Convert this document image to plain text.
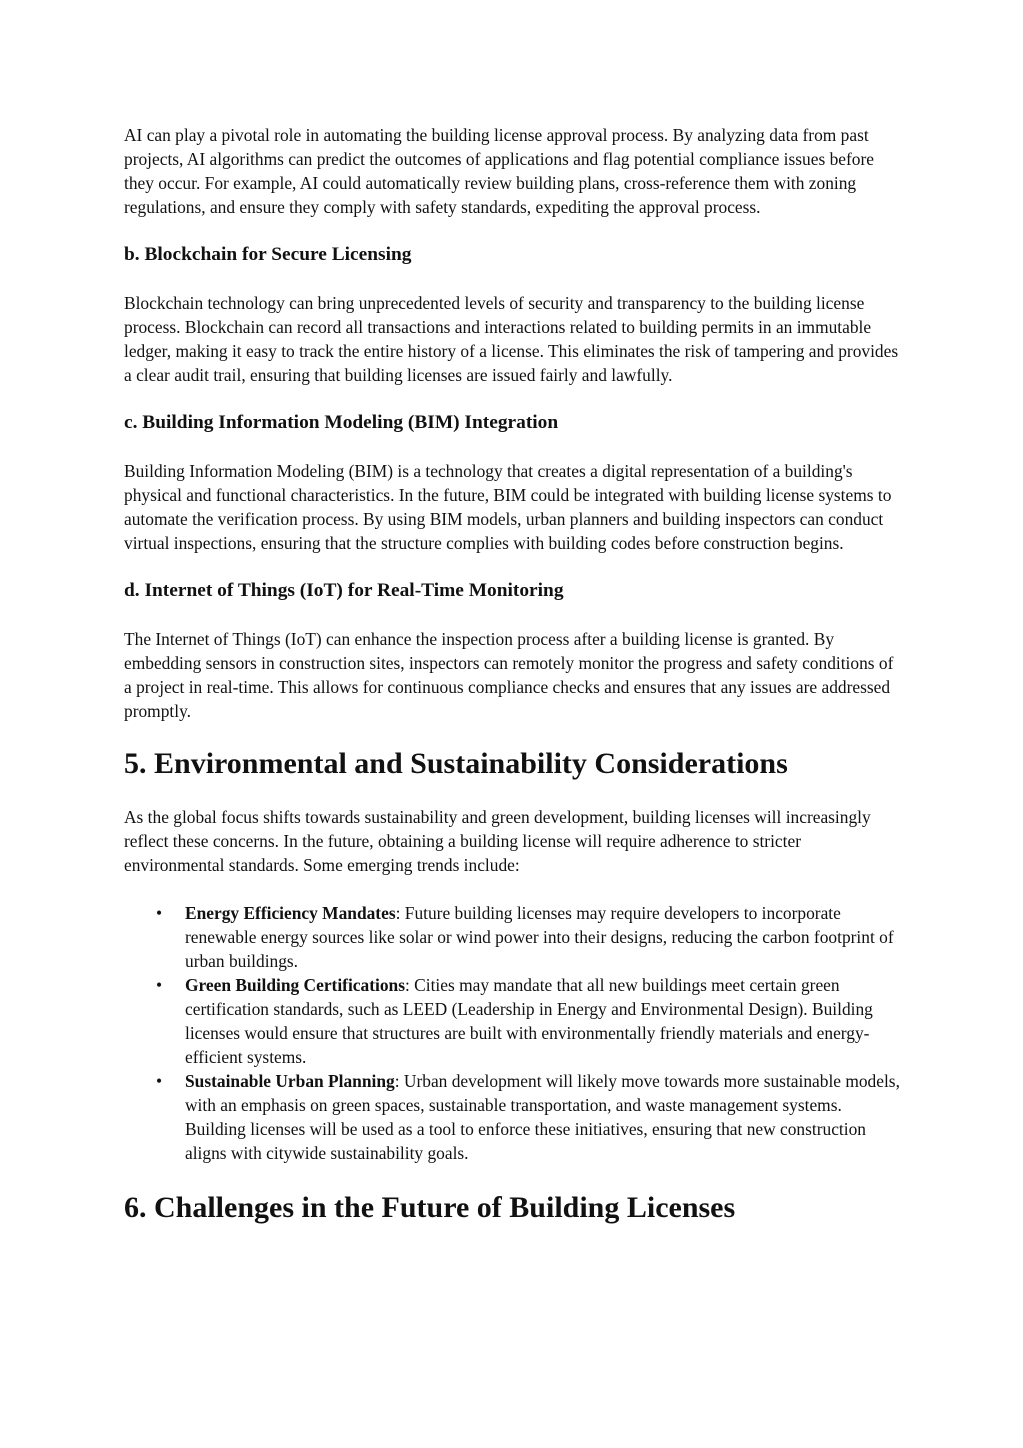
AI can play a pivotal role in automating the building license approval process. By analyzing data from past projects, AI algorithms can predict the outcomes of applications and flag potential compliance issues before they occur. For example, AI could automatically review building plans, cross-reference them with zoning regulations, and ensure they comply with safety standards, expediting the approval process.

b. Blockchain for Secure Licensing

Blockchain technology can bring unprecedented levels of security and transparency to the building license process. Blockchain can record all transactions and interactions related to building permits in an immutable ledger, making it easy to track the entire history of a license. This eliminates the risk of tampering and provides a clear audit trail, ensuring that building licenses are issued fairly and lawfully.

c. Building Information Modeling (BIM) Integration

Building Information Modeling (BIM) is a technology that creates a digital representation of a building's physical and functional characteristics. In the future, BIM could be integrated with building license systems to automate the verification process. By using BIM models, urban planners and building inspectors can conduct virtual inspections, ensuring that the structure complies with building codes before construction begins.

d. Internet of Things (IoT) for Real-Time Monitoring

The Internet of Things (IoT) can enhance the inspection process after a building license is granted. By embedding sensors in construction sites, inspectors can remotely monitor the progress and safety conditions of a project in real-time. This allows for continuous compliance checks and ensures that any issues are addressed promptly.

5. Environmental and Sustainability Considerations

As the global focus shifts towards sustainability and green development, building licenses will increasingly reflect these concerns. In the future, obtaining a building license will require adherence to stricter environmental standards. Some emerging trends include:

• Energy Efficiency Mandates: Future building licenses may require developers to incorporate renewable energy sources like solar or wind power into their designs, reducing the carbon footprint of urban buildings.
• Green Building Certifications: Cities may mandate that all new buildings meet certain green certification standards, such as LEED (Leadership in Energy and Environmental Design). Building licenses would ensure that structures are built with environmentally friendly materials and energy-efficient systems.
• Sustainable Urban Planning: Urban development will likely move towards more sustainable models, with an emphasis on green spaces, sustainable transportation, and waste management systems. Building licenses will be used as a tool to enforce these initiatives, ensuring that new construction aligns with citywide sustainability goals.
6. Challenges in the Future of Building Licenses
